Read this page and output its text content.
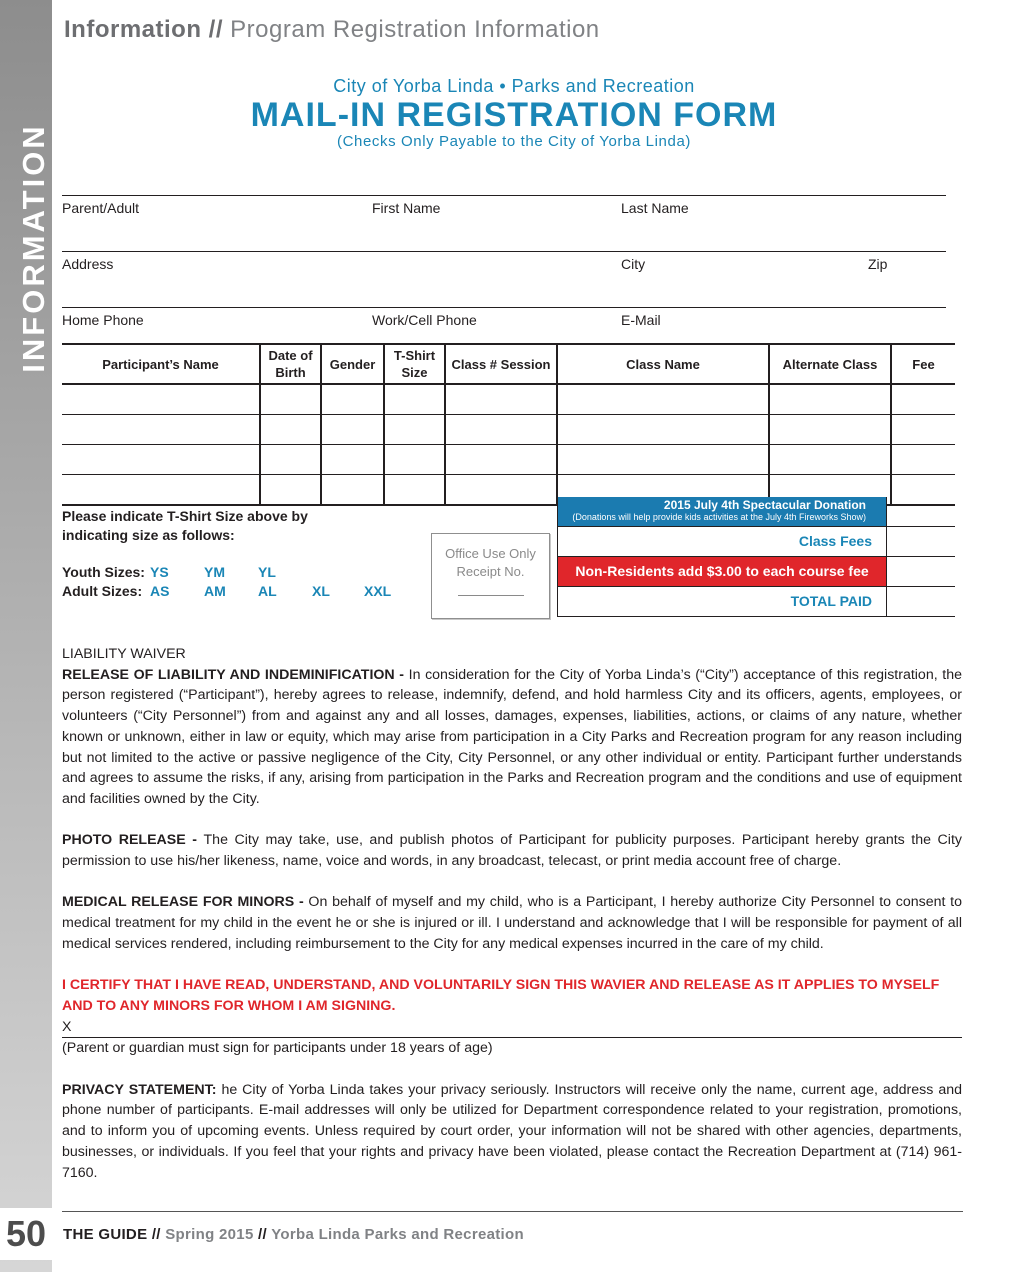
INFORMATION
50
Information // Program Registration Information
City of Yorba Linda • Parks and Recreation
MAIL-IN REGISTRATION FORM
(Checks Only Payable to the City of Yorba Linda)
Parent/Adult	First Name	Last Name
Address	City	Zip
Home Phone	Work/Cell Phone	E-Mail
Participant’s Name	Date of Birth	Gender	T-Shirt Size	Class # Session	Class Name	Alternate Class	Fee

Please indicate T-Shirt Size above by
indicating size as follows:
Youth Sizes: YS	YM YL
Adult Sizes: AS AM AL	XL XXL
Office Use Only
Receipt No.
2015 July 4th Spectacular Donation
(Donations will help provide kids activities at the July 4th Fireworks Show)
Class Fees
Non-Residents add $3.00 to each course fee
TOTAL PAID

LIABILITY WAIVER

RELEASE OF LIABILITY AND INDEMINIFICATION - In consideration for the City of Yorba Linda’s (“City”) acceptance of this registration, the person registered (“Participant”), hereby agrees to release, indemnify, defend, and hold harmless City and its officers, agents, employees, or volunteers (“City Personnel”) from and against any and all losses, damages, expenses, liabilities, actions, or claims of any nature, whether known or unknown, either in law or equity, which may arise from participation in a City Parks and Recreation program for any reason including but not limited to the active or passive negligence of the City, City Personnel, or any other individual or entity. Participant further understands and agrees to assume the risks, if any, arising from participation in the Parks and Recreation program and the conditions and use of equipment and facilities owned by the City.

PHOTO RELEASE - The City may take, use, and publish photos of Participant for publicity purposes. Participant hereby grants the City permission to use his/her likeness, name, voice and words, in any broadcast, telecast, or print media account free of charge.

MEDICAL RELEASE FOR MINORS - On behalf of myself and my child, who is a Participant, I hereby authorize City Personnel to consent to medical treatment for my child in the event he or she is injured or ill. I understand and acknowledge that I will be responsible for payment of all medical services rendered, including reimbursement to the City for any medical expenses incurred in the care of my child.

I CERTIFY THAT I HAVE READ, UNDERSTAND, AND VOLUNTARILY SIGN THIS WAVIER AND RELEASE AS IT APPLIES TO MYSELF AND TO ANY MINORS FOR WHOM I AM SIGNING.

X

(Parent or guardian must sign for participants under 18 years of age)

PRIVACY STATEMENT: he City of Yorba Linda takes your privacy seriously. Instructors will receive only the name, current age, address and phone number of participants. E-mail addresses will only be utilized for Department correspondence related to your registration, promotions, and to inform you of upcoming events. Unless required by court order, your information will not be shared with other agencies, departments, businesses, or individuals. If you feel that your rights and privacy have been violated, please contact the Recreation Department at (714) 961-7160.

THE GUIDE // Spring 2015 // Yorba Linda Parks and Recreation
